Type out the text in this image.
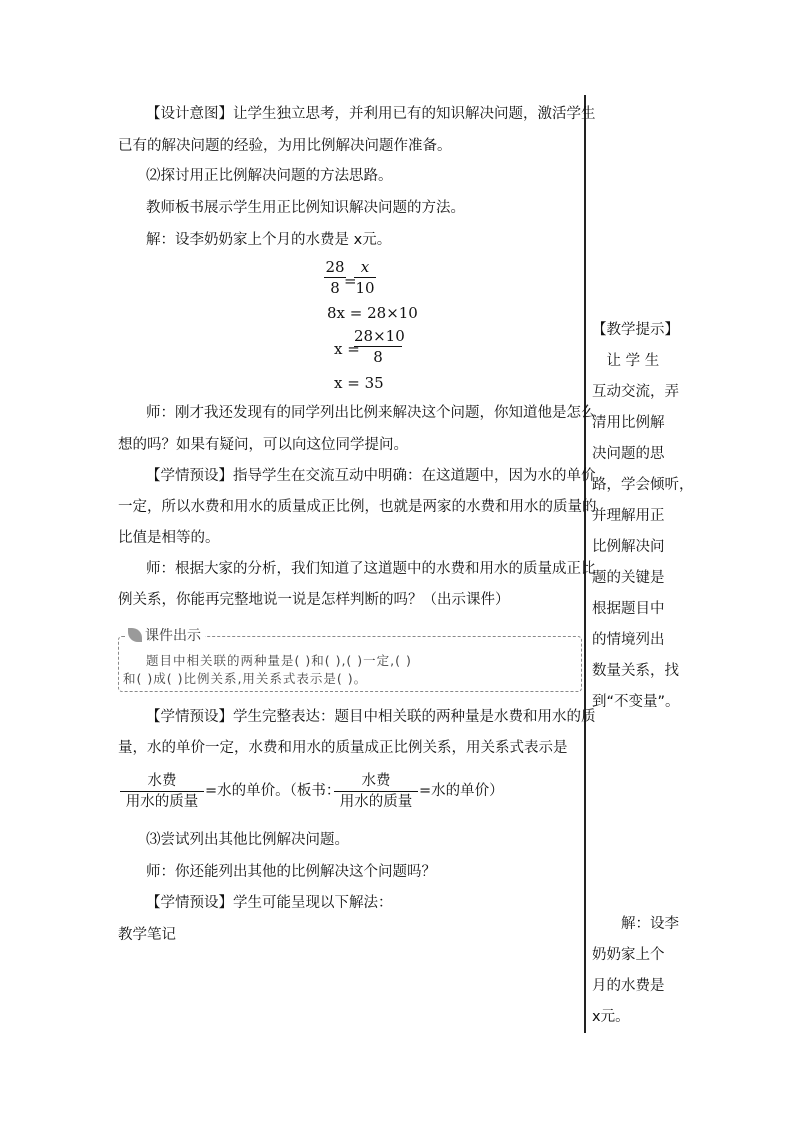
【设计意图】让学生独立思考，并利用已有的知识解决问题，激活学生
已有的解决问题的经验，为用比例解决问题作准备。
⑵探讨用正比例解决问题的方法思路。
教师板书展示学生用正比例知识解决问题的方法。
解：设李奶奶家上个月的水费是 x元。
28
8 =
x
10
8x = 28×10
x =
28×10
8
x = 35
师：刚才我还发现有的同学列出比例来解决这个问题，你知道他是怎么
想的吗？如果有疑问，可以向这位同学提问。
【学情预设】指导学生在交流互动中明确：在这道题中，因为水的单价
一定，所以水费和用水的质量成正比例，也就是两家的水费和用水的质量的
比值是相等的。
师：根据大家的分析，我们知道了这道题中的水费和用水的质量成正比
例关系，你能再完整地说一说是怎样判断的吗？（出示课件）
课件出示
题目中相关联的两种量是( )和( ),( )一定,( )
和( )成( )比例关系,用关系式表示是( )。
【学情预设】学生完整表达：题目中相关联的两种量是水费和用水的质
量，水的单价一定，水费和用水的质量成正比例关系，用关系式表示是
水费
用水的质量
=水的单价。（板书：
水费
用水的质量
=水的单价）
⑶尝试列出其他比例解决问题。
师：你还能列出其他的比例解决这个问题吗？
【学情预设】学生可能呈现以下解法：
教学笔记
【教学提示】
　让 学 生
互动交流，弄
清用比例解
决问题的思
路，学会倾听，
并理解用正
比例解决问
题的关键是
根据题目中
的情境列出
数量关系，找
到“不变量”。
　　解：设李
奶奶家上个
月的水费是
x元。
